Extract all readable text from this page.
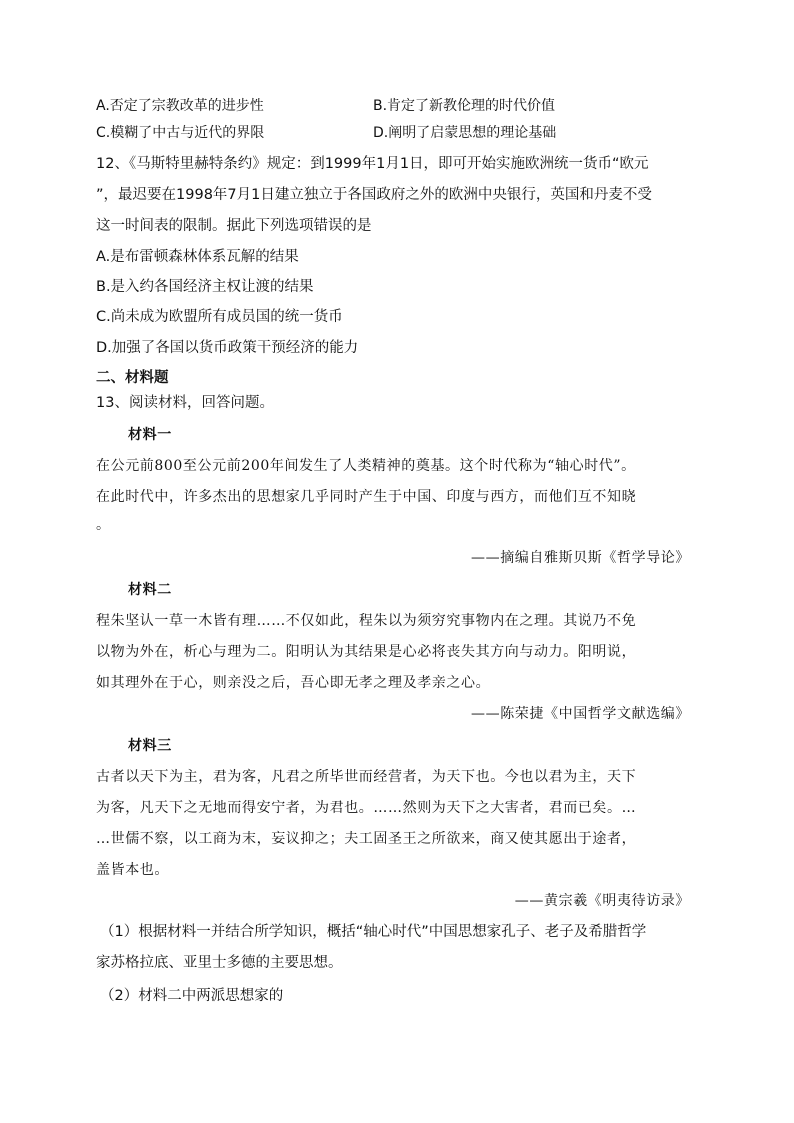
A.否定了宗教改革的进步性	B.肯定了新教伦理的时代价值
C.模糊了中古与近代的界限	D.阐明了启蒙思想的理论基础
12、《马斯特里赫特条约》规定：到1999年1月1日，即可开始实施欧洲统一货币“欧元
”，最迟要在1998年7月1日建立独立于各国政府之外的欧洲中央银行，英国和丹麦不受
这一时间表的限制。据此下列选项错误的是
A.是布雷顿森林体系瓦解的结果
B.是入约各国经济主权让渡的结果
C.尚未成为欧盟所有成员国的统一货币
D.加强了各国以货币政策干预经济的能力
二、材料题
13、阅读材料，回答问题。
材料一
在公元前800至公元前200年间发生了人类精神的奠基。这个时代称为“轴心时代”。
在此时代中，许多杰出的思想家几乎同时产生于中国、印度与西方，而他们互不知晓
。
——摘编自雅斯贝斯《哲学导论》
材料二
程朱坚认一草一木皆有理……不仅如此，程朱以为须穷究事物内在之理。其说乃不免
以物为外在，析心与理为二。阳明认为其结果是心必将丧失其方向与动力。阳明说，
如其理外在于心，则亲没之后，吾心即无孝之理及孝亲之心。
——陈荣捷《中国哲学文献选编》
材料三
古者以天下为主，君为客，凡君之所毕世而经营者，为天下也。今也以君为主，天下
为客，凡天下之无地而得安宁者，为君也。……然则为天下之大害者，君而已矣。…
…世儒不察，以工商为末，妄议抑之；夫工固圣王之所欲来，商又使其愿出于途者，
盖皆本也。
——黄宗羲《明夷待访录》
（1）根据材料一并结合所学知识，概括“轴心时代”中国思想家孔子、老子及希腊哲学
家苏格拉底、亚里士多德的主要思想。
（2）材料二中两派思想家的
